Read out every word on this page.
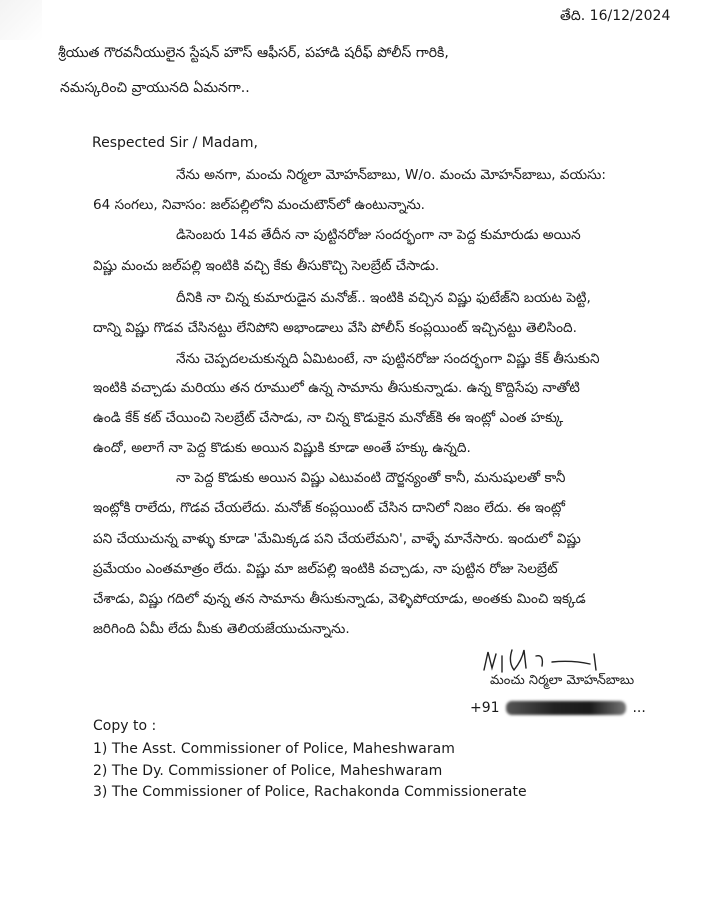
తేది. 16/12/2024
శ్రీయుత గౌరవనీయులైన స్టేషన్ హౌస్ ఆఫీసర్, పహాడి షరీఫ్ పోలీస్ గారికి,
నమస్కరించి వ్రాయునది ఏమనగా..
Respected Sir / Madam,
నేను అనగా, మంచు నిర్మలా మోహన్‌బాబు, W/o. మంచు మోహన్‌బాబు, వయసు:
64 సంగలు, నివాసం: జల్‌పల్లిలోని మంచుటౌన్‌లో ఉంటున్నాను.
డిసెంబరు 14వ తేదీన నా పుట్టినరోజు సందర్భంగా నా పెద్ద కుమారుడు అయిన
విష్ణు మంచు జల్‌పల్లి ఇంటికి వచ్చి కేకు తీసుకొచ్చి సెలబ్రేట్ చేసాడు.
దీనికి నా చిన్న కుమారుడైన మనోజ్.. ఇంటికి వచ్చిన విష్ణు ఫుటేజ్‌ని బయట పెట్టి,
దాన్ని విష్ణు గొడవ చేసినట్టు లేనిపోని అభాండాలు వేసి పోలీస్ కంప్లయింట్ ఇచ్చినట్టు తెలిసింది.
నేను చెప్పదలచుకున్నది ఏమిటంటే, నా పుట్టినరోజు సందర్భంగా విష్ణు కేక్ తీసుకుని
ఇంటికి వచ్చాడు మరియు తన రూములో ఉన్న సామాను తీసుకున్నాడు. ఉన్న కొద్దిసేపు నాతోటి
ఉండి కేక్ కట్ చేయించి సెలబ్రేట్ చేసాడు, నా చిన్న కొడుకైన మనోజ్‌కి ఈ ఇంట్లో ఎంత హక్కు
ఉందో, అలాగే నా పెద్ద కొడుకు అయిన విష్ణుకి కూడా అంతే హక్కు ఉన్నది.
నా పెద్ద కొడుకు అయిన విష్ణు ఎటువంటి దౌర్జన్యంతో కానీ, మనుషులతో కానీ
ఇంట్లోకి రాలేదు, గొడవ చేయలేదు. మనోజ్ కంప్లయింట్ చేసిన దానిలో నిజం లేదు. ఈ ఇంట్లో
పని చేయుచున్న వాళ్ళు కూడా 'మేమిక్కడ పని చేయలేమని', వాళ్ళే మానేసారు. ఇందులో విష్ణు
ప్రమేయం ఎంతమాత్రం లేదు. విష్ణు మా జల్‌పల్లి ఇంటికి వచ్చాడు, నా పుట్టిన రోజు సెలబ్రేట్
చేశాడు, విష్ణు గదిలో వున్న తన సామాను తీసుకున్నాడు, వెళ్ళిపోయాడు, అంతకు మించి ఇక్కడ
జరిగింది ఏమీ లేదు మీకు తెలియజేయుచున్నాను.
మంచు నిర్మలా మోహన్‌బాబు
+91	...
Copy to :
1) The Asst. Commissioner of Police, Maheshwaram
2) The Dy. Commissioner of Police, Maheshwaram
3) The Commissioner of Police, Rachakonda Commissionerate
